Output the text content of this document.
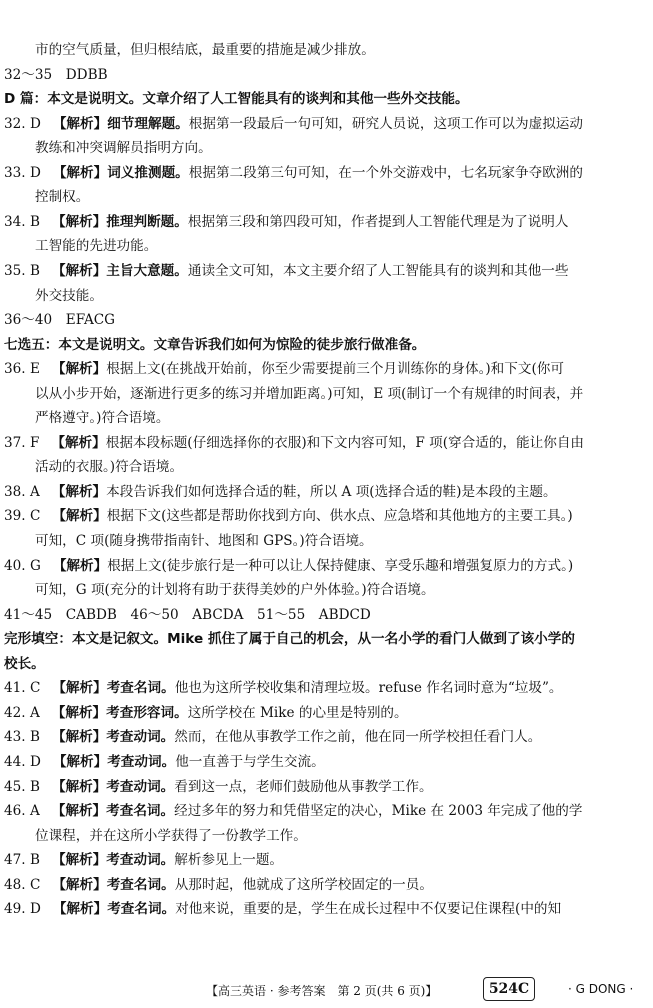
市的空气质量，但归根结底，最重要的措施是减少排放。
32～35　DDBB
D 篇：本文是说明文。文章介绍了人工智能具有的谈判和其他一些外交技能。
32. D 【解析】细节理解题。根据第一段最后一句可知，研究人员说，这项工作可以为虚拟运动
教练和冲突调解员指明方向。
33. D 【解析】词义推测题。根据第二段第三句可知，在一个外交游戏中，七名玩家争夺欧洲的
控制权。
34. B 【解析】推理判断题。根据第三段和第四段可知，作者提到人工智能代理是为了说明人
工智能的先进功能。
35. B 【解析】主旨大意题。通读全文可知，本文主要介绍了人工智能具有的谈判和其他一些
外交技能。
36～40　EFACG
七选五：本文是说明文。文章告诉我们如何为惊险的徒步旅行做准备。
36. E 【解析】根据上文(在挑战开始前，你至少需要提前三个月训练你的身体。)和下文(你可
以从小步开始，逐渐进行更多的练习并增加距离。)可知，E 项(制订一个有规律的时间表，并
严格遵守。)符合语境。
37. F 【解析】根据本段标题(仔细选择你的衣服)和下文内容可知，F 项(穿合适的，能让你自由
活动的衣服。)符合语境。
38. A 【解析】本段告诉我们如何选择合适的鞋，所以 A 项(选择合适的鞋)是本段的主题。
39. C 【解析】根据下文(这些都是帮助你找到方向、供水点、应急塔和其他地方的主要工具。)
可知，C 项(随身携带指南针、地图和 GPS。)符合语境。
40. G 【解析】根据上文(徒步旅行是一种可以让人保持健康、享受乐趣和增强复原力的方式。)
可知，G 项(充分的计划将有助于获得美妙的户外体验。)符合语境。
41～45　CABDB　46～50　ABCDA　51～55　ABDCD
完形填空：本文是记叙文。Mike 抓住了属于自己的机会，从一名小学的看门人做到了该小学的
校长。
41. C 【解析】考查名词。他也为这所学校收集和清理垃圾。refuse 作名词时意为“垃圾”。
42. A 【解析】考查形容词。这所学校在 Mike 的心里是特别的。
43. B 【解析】考查动词。然而，在他从事教学工作之前，他在同一所学校担任看门人。
44. D 【解析】考查动词。他一直善于与学生交流。
45. B 【解析】考查动词。看到这一点，老师们鼓励他从事教学工作。
46. A 【解析】考查名词。经过多年的努力和凭借坚定的决心，Mike 在 2003 年完成了他的学
位课程，并在这所小学获得了一份教学工作。
47. B 【解析】考查动词。解析参见上一题。
48. C 【解析】考查名词。从那时起，他就成了这所学校固定的一员。
49. D 【解析】考查名词。对他来说，重要的是，学生在成长过程中不仅要记住课程(中的知
【高三英语 · 参考答案　第 2 页(共 6 页)】	524C	· G DONG ·
